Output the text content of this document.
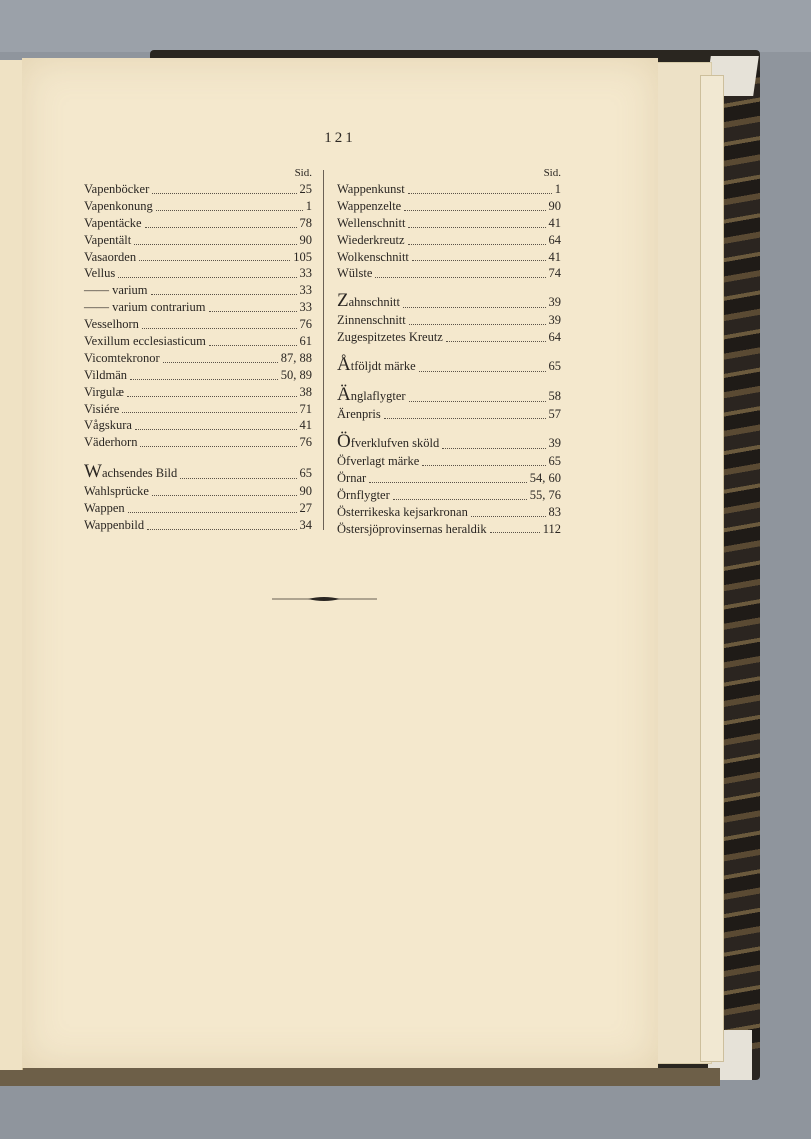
121
Sid.
Vapenböcker	25
Vapenkonung	1
Vapentäcke	78
Vapentält	90
Vasaorden	105
Vellus	33
—— varium	33
—— varium contrarium	33
Vesselhorn	76
Vexillum ecclesiasticum	61
Vicomtekronor	87, 88
Vildmän	50, 89
Virgulæ	38
Visiére	71
Vågskura	41
Väderhorn	76
Wachsendes Bild	65
Wahlsprücke	90
Wappen	27
Wappenbild	34
Sid.
Wappenkunst	1
Wappenzelte	90
Wellenschnitt	41
Wiederkreutz	64
Wolkenschnitt	41
Wülste	74
Zahnschnitt	39
Zinnenschnitt	39
Zugespitzetes Kreutz	64
Åtföljdt märke	65
Änglaflygter	58
Ärenpris	57
Öfverklufven sköld	39
Öfverlagt märke	65
Örnar	54, 60
Örnflygter	55, 76
Österrikeska kejsarkronan	83
Östersjöprovinsernas heraldik	112
